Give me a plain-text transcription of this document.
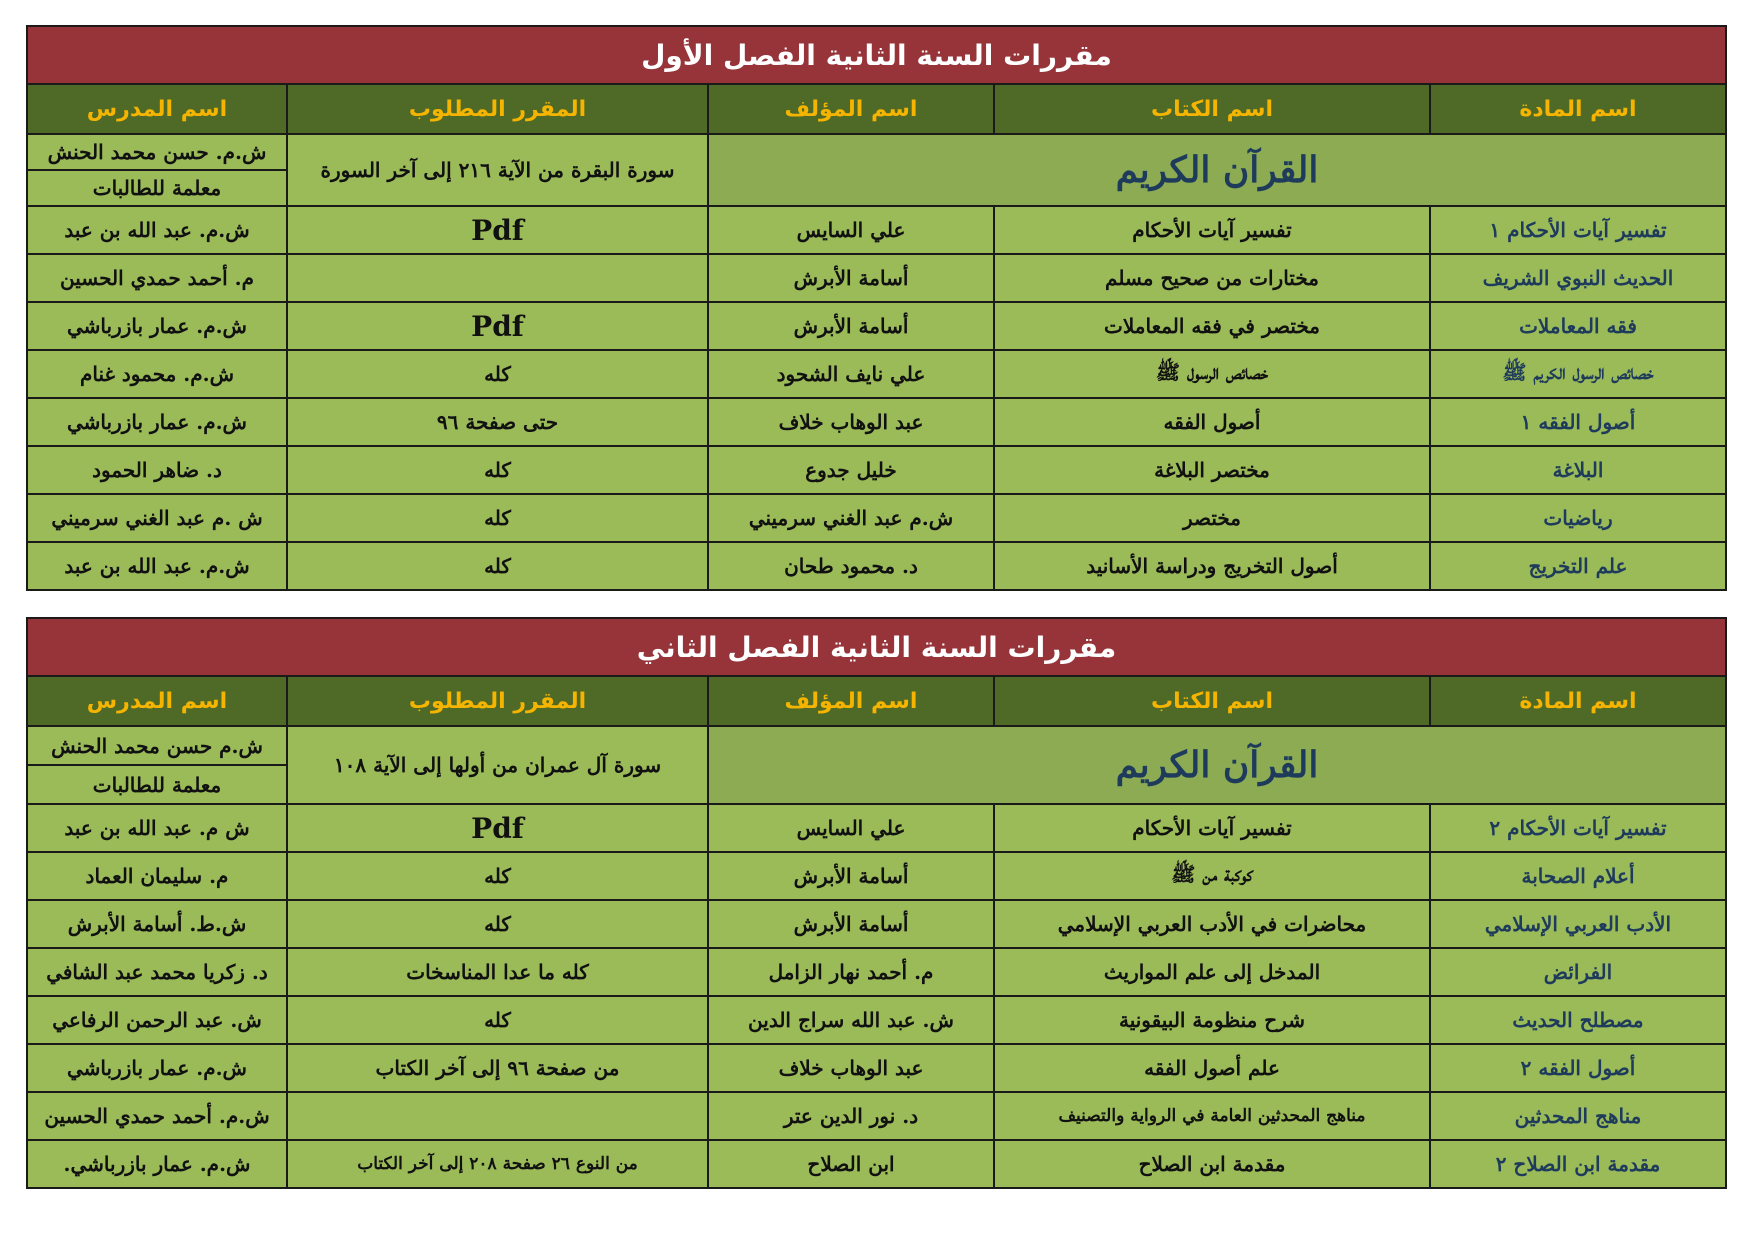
مقررات السنة الثانية الفصل الأول				
اسم المادة	اسم الكتاب	اسم المؤلف	المقرر المطلوب	اسم المدرس
القرآن الكريم			سورة البقرة من الآية ٢١٦ إلى آخر السورة	ش.م. حسن محمد الحنش
معلمة للطالبات

تفسير آيات الأحكام ١	تفسير آيات الأحكام	علي السايس	Pdf	ش.م. عبد الله بن عبد
الحديث النبوي الشريف	مختارات من صحيح مسلم	أسامة الأبرش		م. أحمد حمدي الحسين
فقه المعاملات	مختصر في فقه المعاملات	أسامة الأبرش	Pdf	ش.م. عمار بازرباشي
خصائص الرسول الكريم ﷺ	خصائص الرسول ﷺ	علي نايف الشحود	كله	ش.م. محمود غنام
أصول الفقه ١	أصول الفقه	عبد الوهاب خلاف	حتى صفحة ٩٦	ش.م. عمار بازرباشي
البلاغة	مختصر البلاغة	خليل جدوع	كله	د. ضاهر الحمود
رياضيات	مختصر	ش.م عبد الغني سرميني	كله	ش .م عبد الغني سرميني
علم التخريج	أصول التخريج ودراسة الأسانيد	د. محمود طحان	كله	ش.م. عبد الله بن عبد
مقررات السنة الثانية الفصل الثاني				
اسم المادة	اسم الكتاب	اسم المؤلف	المقرر المطلوب	اسم المدرس
القرآن الكريم			سورة آل عمران من أولها إلى الآية ١٠٨	ش.م حسن محمد الحنش
معلمة للطالبات

تفسير آيات الأحكام ٢	تفسير آيات الأحكام	علي السايس	Pdf	ش م. عبد الله بن عبد
أعلام الصحابة	كوكبة من ﷺ	أسامة الأبرش	كله	م. سليمان العماد
الأدب العربي الإسلامي	محاضرات في الأدب العربي الإسلامي	أسامة الأبرش	كله	ش.ط. أسامة الأبرش
الفرائض	المدخل إلى علم المواريث	م. أحمد نهار الزامل	كله ما عدا المناسخات	د. زكريا محمد عبد الشافي
مصطلح الحديث	شرح منظومة البيقونية	ش. عبد الله سراج الدين	كله	ش. عبد الرحمن الرفاعي
أصول الفقه ٢	علم أصول الفقه	عبد الوهاب خلاف	من صفحة ٩٦ إلى آخر الكتاب	ش.م. عمار بازرباشي
مناهج المحدثين	مناهج المحدثين العامة في الرواية والتصنيف	د. نور الدين عتر		ش.م. أحمد حمدي الحسين
مقدمة ابن الصلاح ٢	مقدمة ابن الصلاح	ابن الصلاح	من النوع ٢٦ صفحة ٢٠٨ إلى آخر الكتاب	ش.م. عمار بازرباشي.
